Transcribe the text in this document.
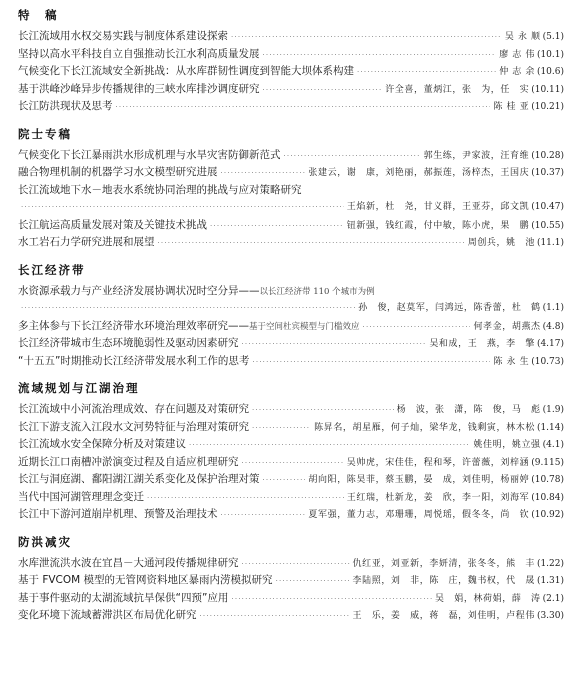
特　稿
长江流域用水权交易实践与制度体系建设探索 ·····	吴 永 顺 (5.1)
坚持以高水平科技自立自强推动长江水利高质量发展 ·····	廖 志 伟 (10.1)
气候变化下长江流域安全新挑战：从水库群韧性调度到智能大坝体系构建 ·····	仲 志 余 (10.6)
基于洪峰沙峰异步传播规律的三峡水库排沙调度研究 ·····	许全喜，董炳江，张　为，任　实 (10.11)
长江防洪现状及思考 ·····	陈 桂 亚 (10.21)
院士专稿
气候变化下长江暴雨洪水形成机理与水旱灾害防御新范式 ·····	郭生练，尹家波，汪育维 (10.28)
融合物理机制的机器学习水文模型研究进展 ·····	张建云，谢　康，刘艳丽，郝振莲，汤梓杰，王国庆 (10.37)
长江流域地下水－地表水系统协同治理的挑战与应对策略研究
·····
王焰新，杜　尧，甘义群，王亚芬，邱文凯 (10.47)
长江航运高质量发展对策及关键技术挑战 ·····	钮新强，钱红霞，付中敏，陈小虎，果　鹏 (10.55)
水工岩石力学研究进展和展望 ·····	周创兵，姚　池 (11.1)
长江经济带
水资源承载力与产业经济发展协调状况时空分异—— 以长江经济带 110 个城市为例
·····
孙　俊，赵莫军，闫鸿远，陈香蕾，杜　鹤 (1.1)
多主体参与下长江经济带水环境治理效率研究—— 基于空间杜宾模型与门槛效应 ·····	何孝金，胡燕杰 (4.8)
长江经济带城市生态环境脆弱性及驱动因素研究 ·····	吴和成，王　燕，李　擎 (4.17)
“十五五”时期推动长江经济带发展水利工作的思考 ·····	陈 永 生 (10.73)
流域规划与江湖治理
长江流域中小河流治理成效、存在问题及对策研究 ·····	杨　波，张　潇，陈　俊，马　彪 (1.9)
长江下游支流入江段水文河势特征与治理对策研究 ·····	陈昇名，胡星雁，何子灿，梁华龙，钱剩寅，林木松 (1.14)
长江流域水安全保障分析及对策建议 ·····	姚佳明，姚立强 (4.1)
近期长江口南槽冲淤演变过程及自适应机理研究 ·····	吴帅虎，宋佳佳，程和琴，许蕾薇，刘梓涵 (9.115)
长江与洞庭湖、鄱阳湖江湖关系变化及保护治理对策 ·····	胡向阳，陈昊菲，蔡玉鹏，晏　成，刘佳明，杨丽婷 (10.78)
当代中国河湖管理理念变迁 ·····	王红瑞，杜新龙，姜　欣，李一阳，刘海军 (10.84)
长江中下游河道崩岸机理、预警及治理技术 ·····	夏军强，董力志，邓珊珊，周悦瑶，假冬冬，尚　钦 (10.92)
防洪减灾
水库泄流洪水波在宜昌－大通河段传播规律研究 ·····	仇红亚，刘亚新，李妍清，张冬冬，熊　丰 (1.22)
基于 FVCOM 模型的无管网资料地区暴雨内涝模拟研究 ·····	李陆照，刘　非，陈　庄，魏书权，代　晟 (1.31)
基于事件驱动的太湖流域抗旱保供“四预”应用 ·····	吴　娟，林荷娟，薛　涛 (2.1)
变化环境下流域蓄滞洪区布局优化研究 ·····	王　乐，姜　威，蒋　磊，刘佳明，卢程伟 (3.30)
